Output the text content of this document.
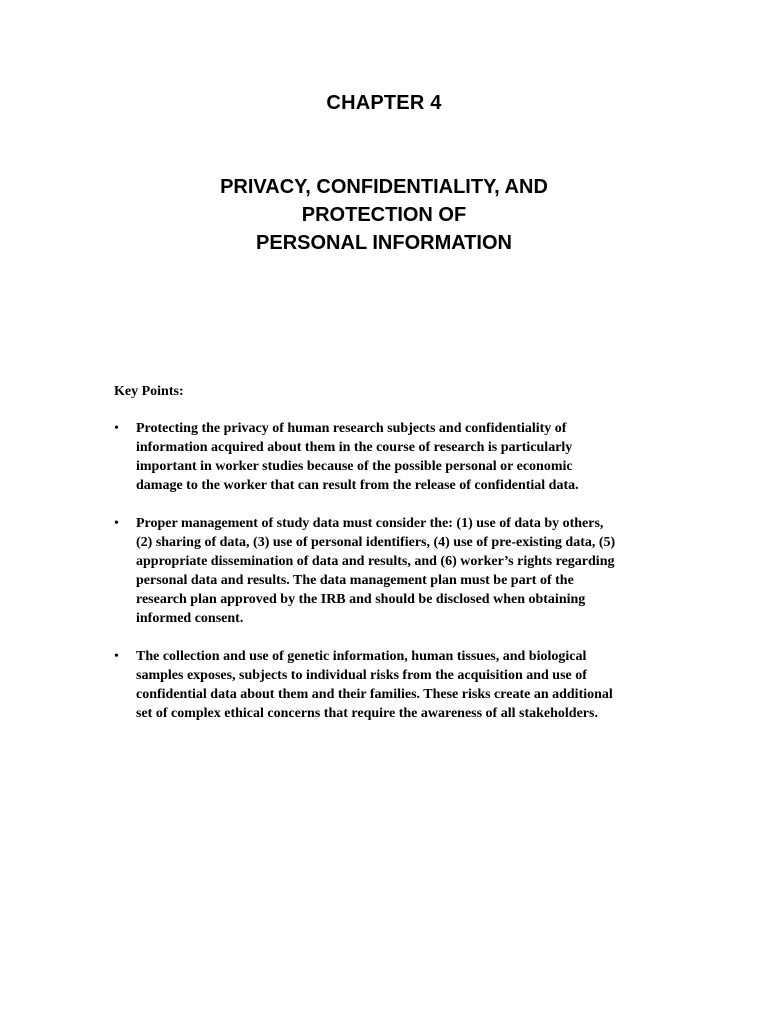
CHAPTER 4
PRIVACY, CONFIDENTIALITY, AND
PROTECTION OF
PERSONAL INFORMATION

Key Points:

• Protecting the privacy of human research subjects and confidentiality of
information acquired about them in the course of research is particularly
important in worker studies because of the possible personal or economic
damage to the worker that can result from the release of confidential data.
• Proper management of study data must consider the: (1) use of data by others,
(2) sharing of data, (3) use of personal identifiers, (4) use of pre-existing data, (5)
appropriate dissemination of data and results, and (6) worker’s rights regarding
personal data and results. The data management plan must be part of the
research plan approved by the IRB and should be disclosed when obtaining
informed consent.
• The collection and use of genetic information, human tissues, and biological
samples exposes, subjects to individual risks from the acquisition and use of
confidential data about them and their families. These risks create an additional
set of complex ethical concerns that require the awareness of all stakeholders.
